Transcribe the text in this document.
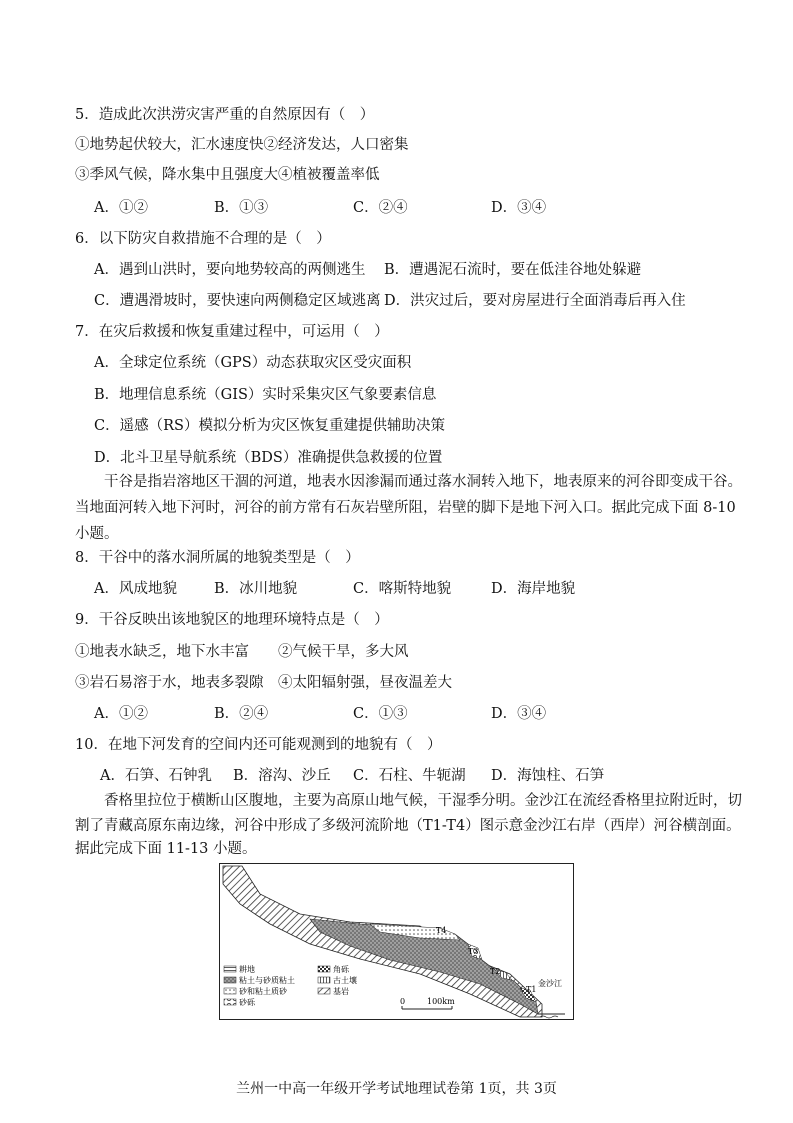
5．造成此次洪涝灾害严重的自然原因有（　）
①地势起伏较大，汇水速度快②经济发达，人口密集
③季风气候，降水集中且强度大④植被覆盖率低
A．①②	B．①③	C．②④	D．③④
6．以下防灾自救措施不合理的是（　）
A．遇到山洪时，要向地势较高的两侧逃生 B．遭遇泥石流时，要在低洼谷地处躲避
C．遭遇滑坡时，要快速向两侧稳定区域逃离 D．洪灾过后，要对房屋进行全面消毒后再入住
7．在灾后救援和恢复重建过程中，可运用（　）
A．全球定位系统（GPS）动态获取灾区受灾面积
B．地理信息系统（GIS）实时采集灾区气象要素信息
C．遥感（RS）模拟分析为灾区恢复重建提供辅助决策
D．北斗卫星导航系统（BDS）准确提供急救援的位置
干谷是指岩溶地区干涸的河道，地表水因渗漏而通过落水洞转入地下，地表原来的河谷即变成干谷。
当地面河转入地下河时，河谷的前方常有石灰岩壁所阻，岩壁的脚下是地下河入口。据此完成下面 8-10
小题。
8．干谷中的落水洞所属的地貌类型是（　）
A．风成地貌	B．冰川地貌	C．喀斯特地貌	D．海岸地貌
9．干谷反映出该地貌区的地理环境特点是（　）
①地表水缺乏，地下水丰富　　②气候干旱，多大风
③岩石易溶于水，地表多裂隙　④太阳辐射强，昼夜温差大
A．①②	B．②④	C．①③	D．③④
10．在地下河发育的空间内还可能观测到的地貌有（　）
A．石笋、石钟乳 B．溶沟、沙丘 C．石柱、牛轭湖 D．海蚀柱、石笋
香格里拉位于横断山区腹地，主要为高原山地气候，干湿季分明。金沙江在流经香格里拉附近时，切
割了青藏高原东南边缘，河谷中形成了多级河流阶地（T1-T4）图示意金沙江右岸（西岸）河谷横剖面。
据此完成下面 11-13 小题。
T4
T3
T2
T1
金沙江
耕地	角砾
粘土与砂质粘土	古土壤
砂和粘土质砂	基岩
砂砾	0	100km
兰州一中高一年级开学考试地理试卷第 1页，共 3页
